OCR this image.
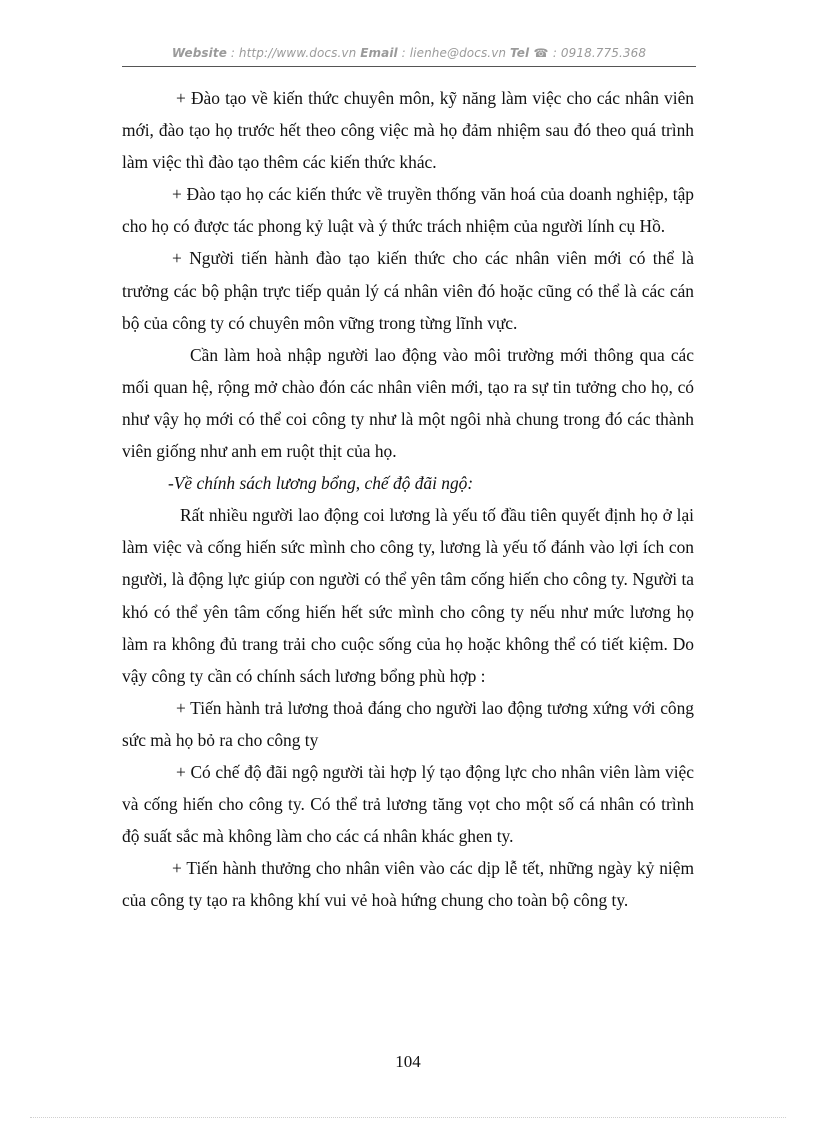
Website : http://www.docs.vn Email : lienhe@docs.vn Tel ☎ : 0918.775.368

+ Đào tạo về kiến thức chuyên môn, kỹ năng làm việc cho các nhân viên mới, đào tạo họ trước hết theo công việc mà họ đảm nhiệm sau đó theo quá trình làm việc thì đào tạo thêm các kiến thức khác.

+ Đào tạo họ các kiến thức về truyền thống văn hoá của doanh nghiệp, tập cho họ có được tác phong kỷ luật và ý thức trách nhiệm của người lính cụ Hồ.

+ Người tiến hành đào tạo kiến thức cho các nhân viên mới có thể là trưởng các bộ phận trực tiếp quản lý cá nhân viên đó hoặc cũng có thể là các cán bộ của công ty có chuyên môn vững trong từng lĩnh vực.

Cần làm hoà nhập người lao động vào môi trường mới thông qua các mối quan hệ, rộng mở chào đón các nhân viên mới, tạo ra sự tin tưởng cho họ, có như vậy họ mới có thể coi công ty như là một ngôi nhà chung trong đó các thành viên giống như anh em ruột thịt của họ.

-Về chính sách lương bổng, chế độ đãi ngộ:

Rất nhiều người lao động coi lương là yếu tố đầu tiên quyết định họ ở lại làm việc và cống hiến sức mình cho công ty, lương là yếu tố đánh vào lợi ích con người, là động lực giúp con người có thể yên tâm cống hiến cho công ty. Người ta khó có thể yên tâm cống hiến hết sức mình cho công ty nếu như mức lương họ làm ra không đủ trang trải cho cuộc sống của họ hoặc không thể có tiết kiệm. Do vậy công ty cần có chính sách lương bổng phù hợp :

+ Tiến hành trả lương thoả đáng cho người lao động tương xứng với công sức mà họ bỏ ra cho công ty

+ Có chế độ đãi ngộ người tài hợp lý tạo động lực cho nhân viên làm việc và cống hiến cho công ty. Có thể trả lương tăng vọt cho một số cá nhân có trình độ suất sắc mà không làm cho các cá nhân khác ghen ty.

+ Tiến hành thưởng cho nhân viên vào các dịp lễ tết, những ngày kỷ niệm của công ty tạo ra không khí vui vẻ hoà hứng chung cho toàn bộ công ty.

104
